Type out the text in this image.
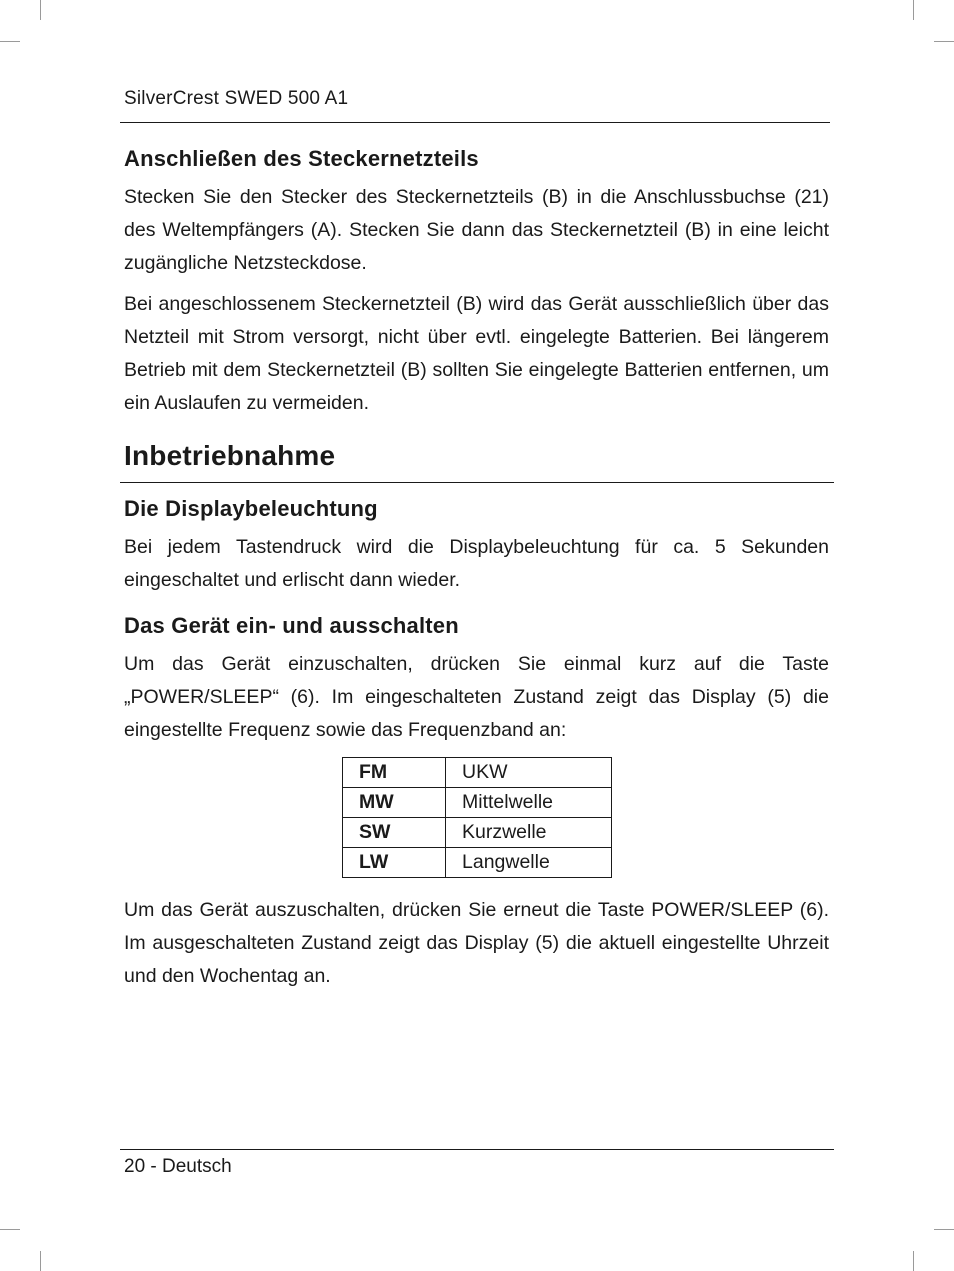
SilverCrest SWED 500 A1
Anschließen des Steckernetzteils

Stecken Sie den Stecker des Steckernetzteils (B) in die Anschlussbuchse (21) des Weltempfängers (A). Stecken Sie dann das Steckernetzteil (B) in eine leicht zugängliche Netzsteckdose.

Bei angeschlossenem Steckernetzteil (B) wird das Gerät ausschließlich über das Netzteil mit Strom versorgt, nicht über evtl. eingelegte Batterien. Bei längerem Betrieb mit dem Steckernetzteil (B) sollten Sie eingelegte Batterien entfernen, um ein Auslaufen zu vermeiden.

Inbetriebnahme
Die Displaybeleuchtung

Bei jedem Tastendruck wird die Displaybeleuchtung für ca. 5 Sekunden eingeschaltet und erlischt dann wieder.

Das Gerät ein- und ausschalten

Um das Gerät einzuschalten, drücken Sie einmal kurz auf die Taste „POWER/SLEEP“ (6). Im eingeschalteten Zustand zeigt das Display (5) die eingestellte Frequenz sowie das Frequenzband an:

FM	UKW
MW	Mittelwelle
SW	Kurzwelle
LW	Langwelle

Um das Gerät auszuschalten, drücken Sie erneut die Taste POWER/SLEEP (6). Im ausgeschalteten Zustand zeigt das Display (5) die aktuell eingestellte Uhrzeit und den Wochentag an.

20 - Deutsch
